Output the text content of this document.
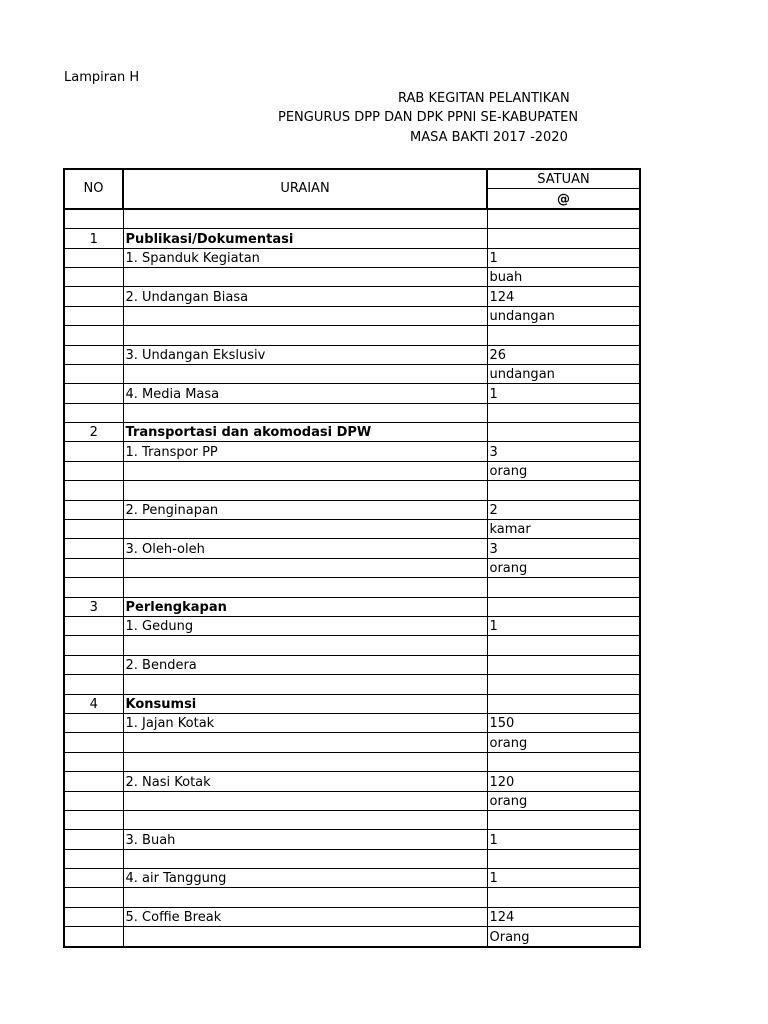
Lampiran H
RAB KEGITAN PELANTIKAN
PENGURUS DPP DAN DPK PPNI SE-KABUPATEN
MASA BAKTI 2017 -2020
NO	URAIAN	SATUAN
		@

1	Publikasi/Dokumentasi	
	1. Spanduk Kegiatan	1
		buah
	2. Undangan Biasa	124
		undangan

	3. Undangan Ekslusiv	26
		undangan
	4. Media Masa	1

2	Transportasi dan akomodasi DPW	
	1. Transpor PP	3
		orang

	2. Penginapan	2
		kamar
	3. Oleh-oleh	3
		orang

3	Perlengkapan	
	1. Gedung	1

	2. Bendera	

4	Konsumsi	
	1. Jajan Kotak	150
		orang

	2. Nasi Kotak	120
		orang

	3. Buah	1

	4. air Tanggung	1

	5. Coffie Break	124
		Orang
